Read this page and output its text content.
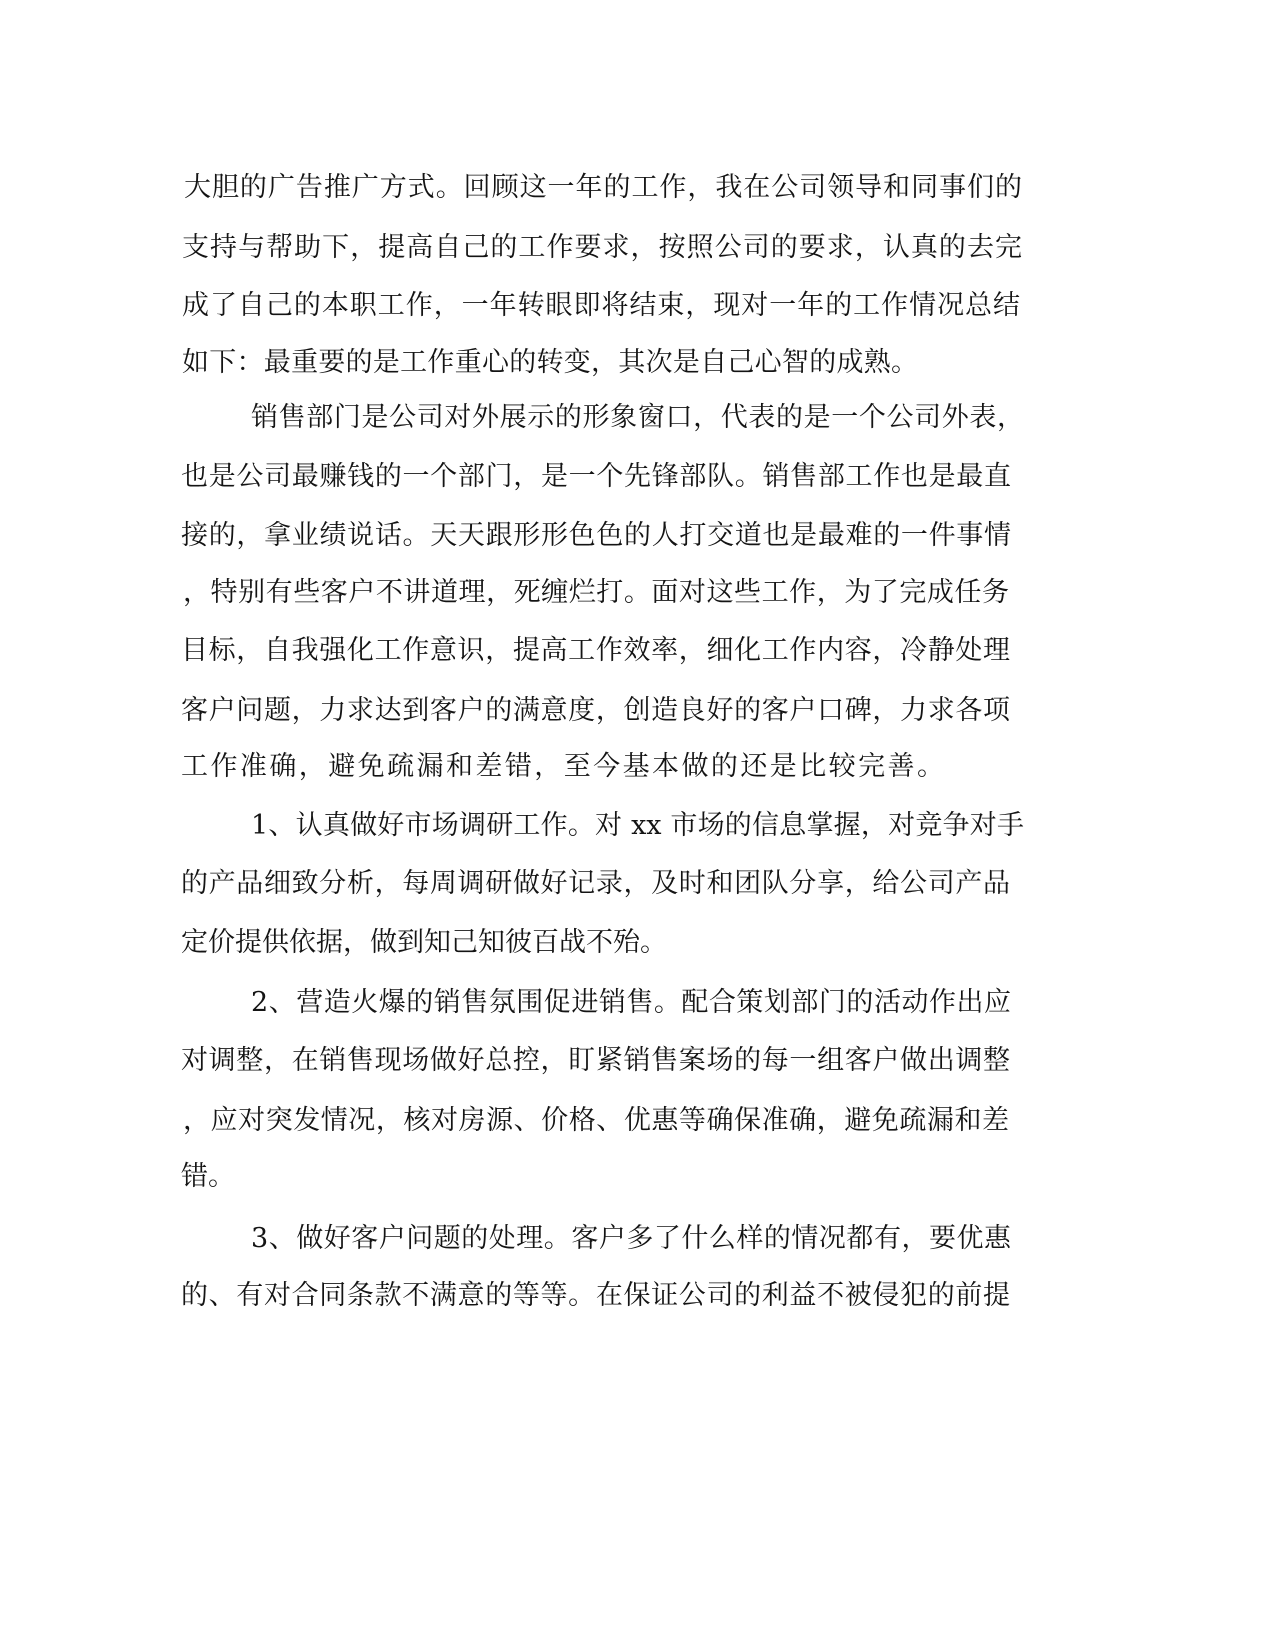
大胆的广告推广方式。回顾这一年的工作，我在公司领导和同事们的
支持与帮助下，提高自己的工作要求，按照公司的要求，认真的去完
成了自己的本职工作，一年转眼即将结束，现对一年的工作情况总结
如下：最重要的是工作重心的转变，其次是自己心智的成熟。
销售部门是公司对外展示的形象窗口，代表的是一个公司外表，
也是公司最赚钱的一个部门，是一个先锋部队。销售部工作也是最直
接的，拿业绩说话。天天跟形形色色的人打交道也是最难的一件事情
，特别有些客户不讲道理，死缠烂打。面对这些工作，为了完成任务
目标，自我强化工作意识，提高工作效率，细化工作内容，冷静处理
客户问题，力求达到客户的满意度，创造良好的客户口碑，力求各项
工作准确，避免疏漏和差错，至今基本做的还是比较完善。
1、认真做好市场调研工作。对 xx 市场的信息掌握，对竞争对手
的产品细致分析，每周调研做好记录，及时和团队分享，给公司产品
定价提供依据，做到知己知彼百战不殆。
2、营造火爆的销售氛围促进销售。配合策划部门的活动作出应
对调整，在销售现场做好总控，盯紧销售案场的每一组客户做出调整
，应对突发情况，核对房源、价格、优惠等确保准确，避免疏漏和差
错。
3、做好客户问题的处理。客户多了什么样的情况都有，要优惠
的、有对合同条款不满意的等等。在保证公司的利益不被侵犯的前提
